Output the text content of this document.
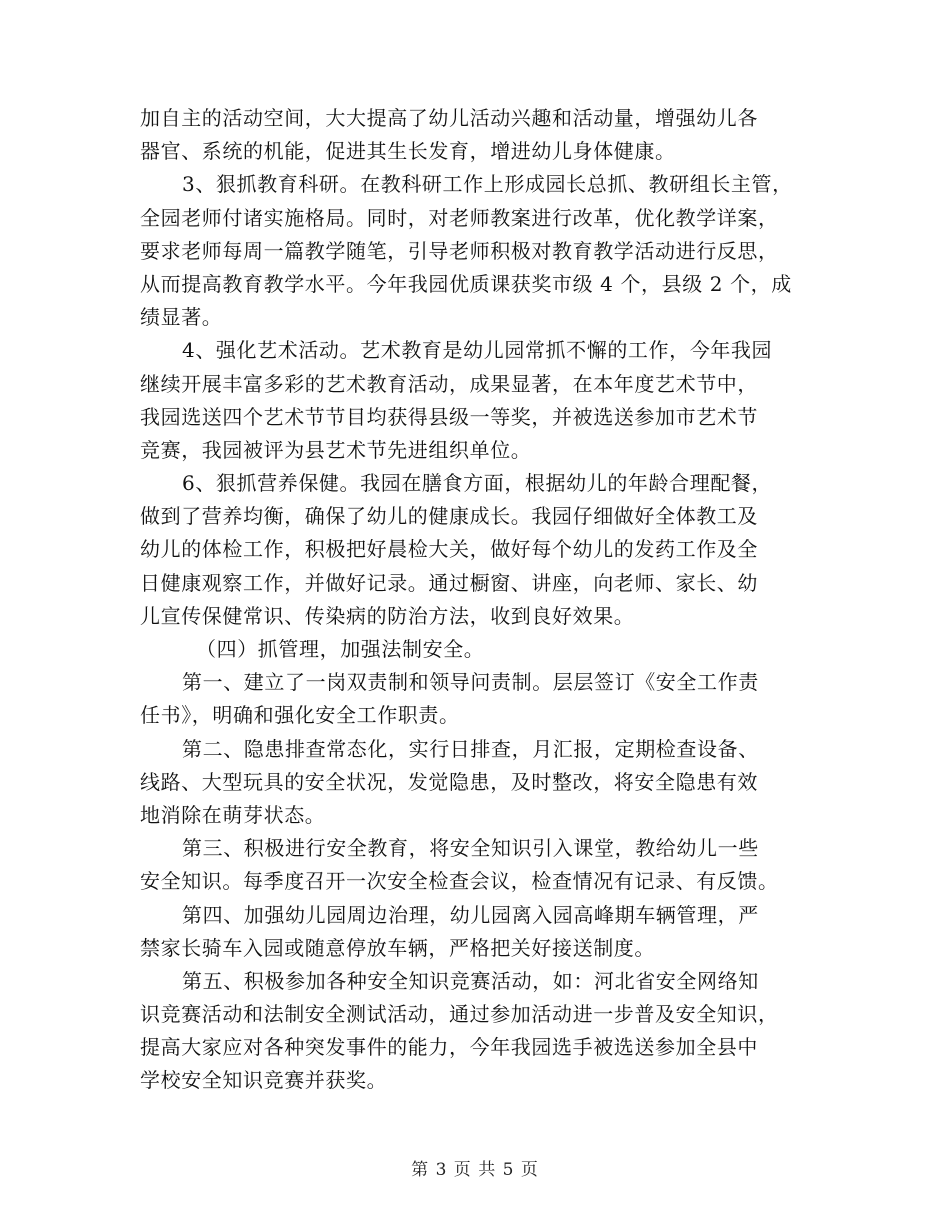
加自主的活动空间，大大提高了幼儿活动兴趣和活动量，增强幼儿各
器官、系统的机能，促进其生长发育，增进幼儿身体健康。
3、狠抓教育科研。在教科研工作上形成园长总抓、教研组长主管，
全园老师付诸实施格局。同时，对老师教案进行改革，优化教学详案，
要求老师每周一篇教学随笔，引导老师积极对教育教学活动进行反思，
从而提高教育教学水平。今年我园优质课获奖市级 4 个，县级 2 个，成
绩显著。
4、强化艺术活动。艺术教育是幼儿园常抓不懈的工作，今年我园
继续开展丰富多彩的艺术教育活动，成果显著，在本年度艺术节中，
我园选送四个艺术节节目均获得县级一等奖，并被选送参加市艺术节
竞赛，我园被评为县艺术节先进组织单位。
6、狠抓营养保健。我园在膳食方面，根据幼儿的年龄合理配餐，
做到了营养均衡，确保了幼儿的健康成长。我园仔细做好全体教工及
幼儿的体检工作，积极把好晨检大关，做好每个幼儿的发药工作及全
日健康观察工作，并做好记录。通过橱窗、讲座，向老师、家长、幼
儿宣传保健常识、传染病的防治方法，收到良好效果。
（四）抓管理，加强法制安全。
第一、建立了一岗双责制和领导问责制。层层签订《安全工作责
任书》，明确和强化安全工作职责。
第二、隐患排查常态化，实行日排查，月汇报，定期检查设备、
线路、大型玩具的安全状况，发觉隐患，及时整改，将安全隐患有效
地消除在萌芽状态。
第三、积极进行安全教育，将安全知识引入课堂，教给幼儿一些
安全知识。每季度召开一次安全检查会议，检查情况有记录、有反馈。
第四、加强幼儿园周边治理，幼儿园离入园高峰期车辆管理，严
禁家长骑车入园或随意停放车辆，严格把关好接送制度。
第五、积极参加各种安全知识竞赛活动，如：河北省安全网络知
识竞赛活动和法制安全测试活动，通过参加活动进一步普及安全知识，
提高大家应对各种突发事件的能力，今年我园选手被选送参加全县中
学校安全知识竞赛并获奖。
第 3 页 共 5 页
